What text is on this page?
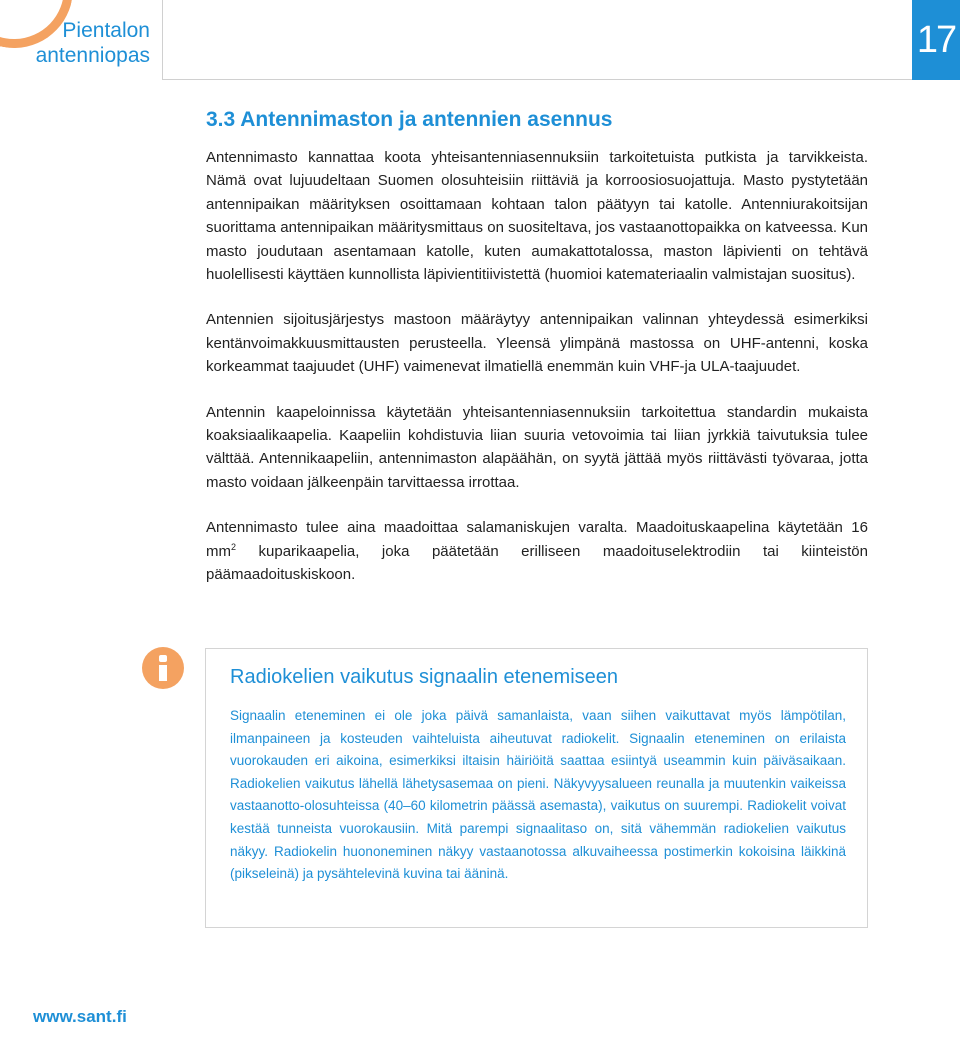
Pientalon
antenniopas	17
3.3 Antennimaston ja antennien asennus

Antennimasto kannattaa koota yhteisantenniasennuksiin tarkoitetuista putkista ja tarvikkeista. Nämä ovat lujuudeltaan Suomen olosuhteisiin riittäviä ja korroosiosuojattuja. Masto pystytetään antennipaikan määrityksen osoittamaan kohtaan talon päätyyn tai katolle. Antenniurakoitsijan suorittama antennipaikan määritysmittaus on suositeltava, jos vastaanottopaikka on katveessa. Kun masto joudutaan asentamaan katolle, kuten aumakattotalossa, maston läpivienti on tehtävä huolellisesti käyttäen kunnollista läpivientitiivistettä (huomioi katemateriaalin valmistajan suositus).

Antennien sijoitusjärjestys mastoon määräytyy antennipaikan valinnan yhteydessä esimerkiksi kentänvoimakkuusmittausten perusteella. Yleensä ylimpänä mastossa on UHF-antenni, koska korkeammat taajuudet (UHF) vaimenevat ilmatiellä enemmän kuin VHF-ja ULA-taajuudet.

Antennin kaapeloinnissa käytetään yhteisantenniasennuksiin tarkoitettua standardin mukaista koaksiaalikaapelia. Kaapeliin kohdistuvia liian suuria vetovoimia tai liian jyrkkiä taivutuksia tulee välttää. Antennikaapeliin, antennimaston alapäähän, on syytä jättää myös riittävästi työvaraa, jotta masto voidaan jälkeenpäin tarvittaessa irrottaa.

Antennimasto tulee aina maadoittaa salamaniskujen varalta. Maadoituskaapelina käytetään 16 $mm^2$ kuparikaapelia, joka päätetään erilliseen maadoituselektrodiin tai kiinteistön päämaadoituskiskoon.

Radiokelien vaikutus signaalin etenemiseen

Signaalin eteneminen ei ole joka päivä samanlaista, vaan siihen vaikuttavat myös lämpötilan, ilmanpaineen ja kosteuden vaihteluista aiheutuvat radiokelit. Signaalin eteneminen on erilaista vuorokauden eri aikoina, esimerkiksi iltaisin häiriöitä saattaa esiintyä useammin kuin päiväsaikaan. Radiokelien vaikutus lähellä lähetysasemaa on pieni. Näkyvyysalueen reunalla ja muutenkin vaikeissa vastaanotto-olosuhteissa (40–60 kilometrin päässä asemasta), vaikutus on suurempi. Radiokelit voivat kestää tunneista vuorokausiin. Mitä parempi signaalitaso on, sitä vähemmän radiokelien vaikutus näkyy. Radiokelin huononeminen näkyy vastaanotossa alkuvaiheessa postimerkin kokoisina läikkinä (pikseleinä) ja pysähtelevinä kuvina tai ääninä.

www.sant.fi
